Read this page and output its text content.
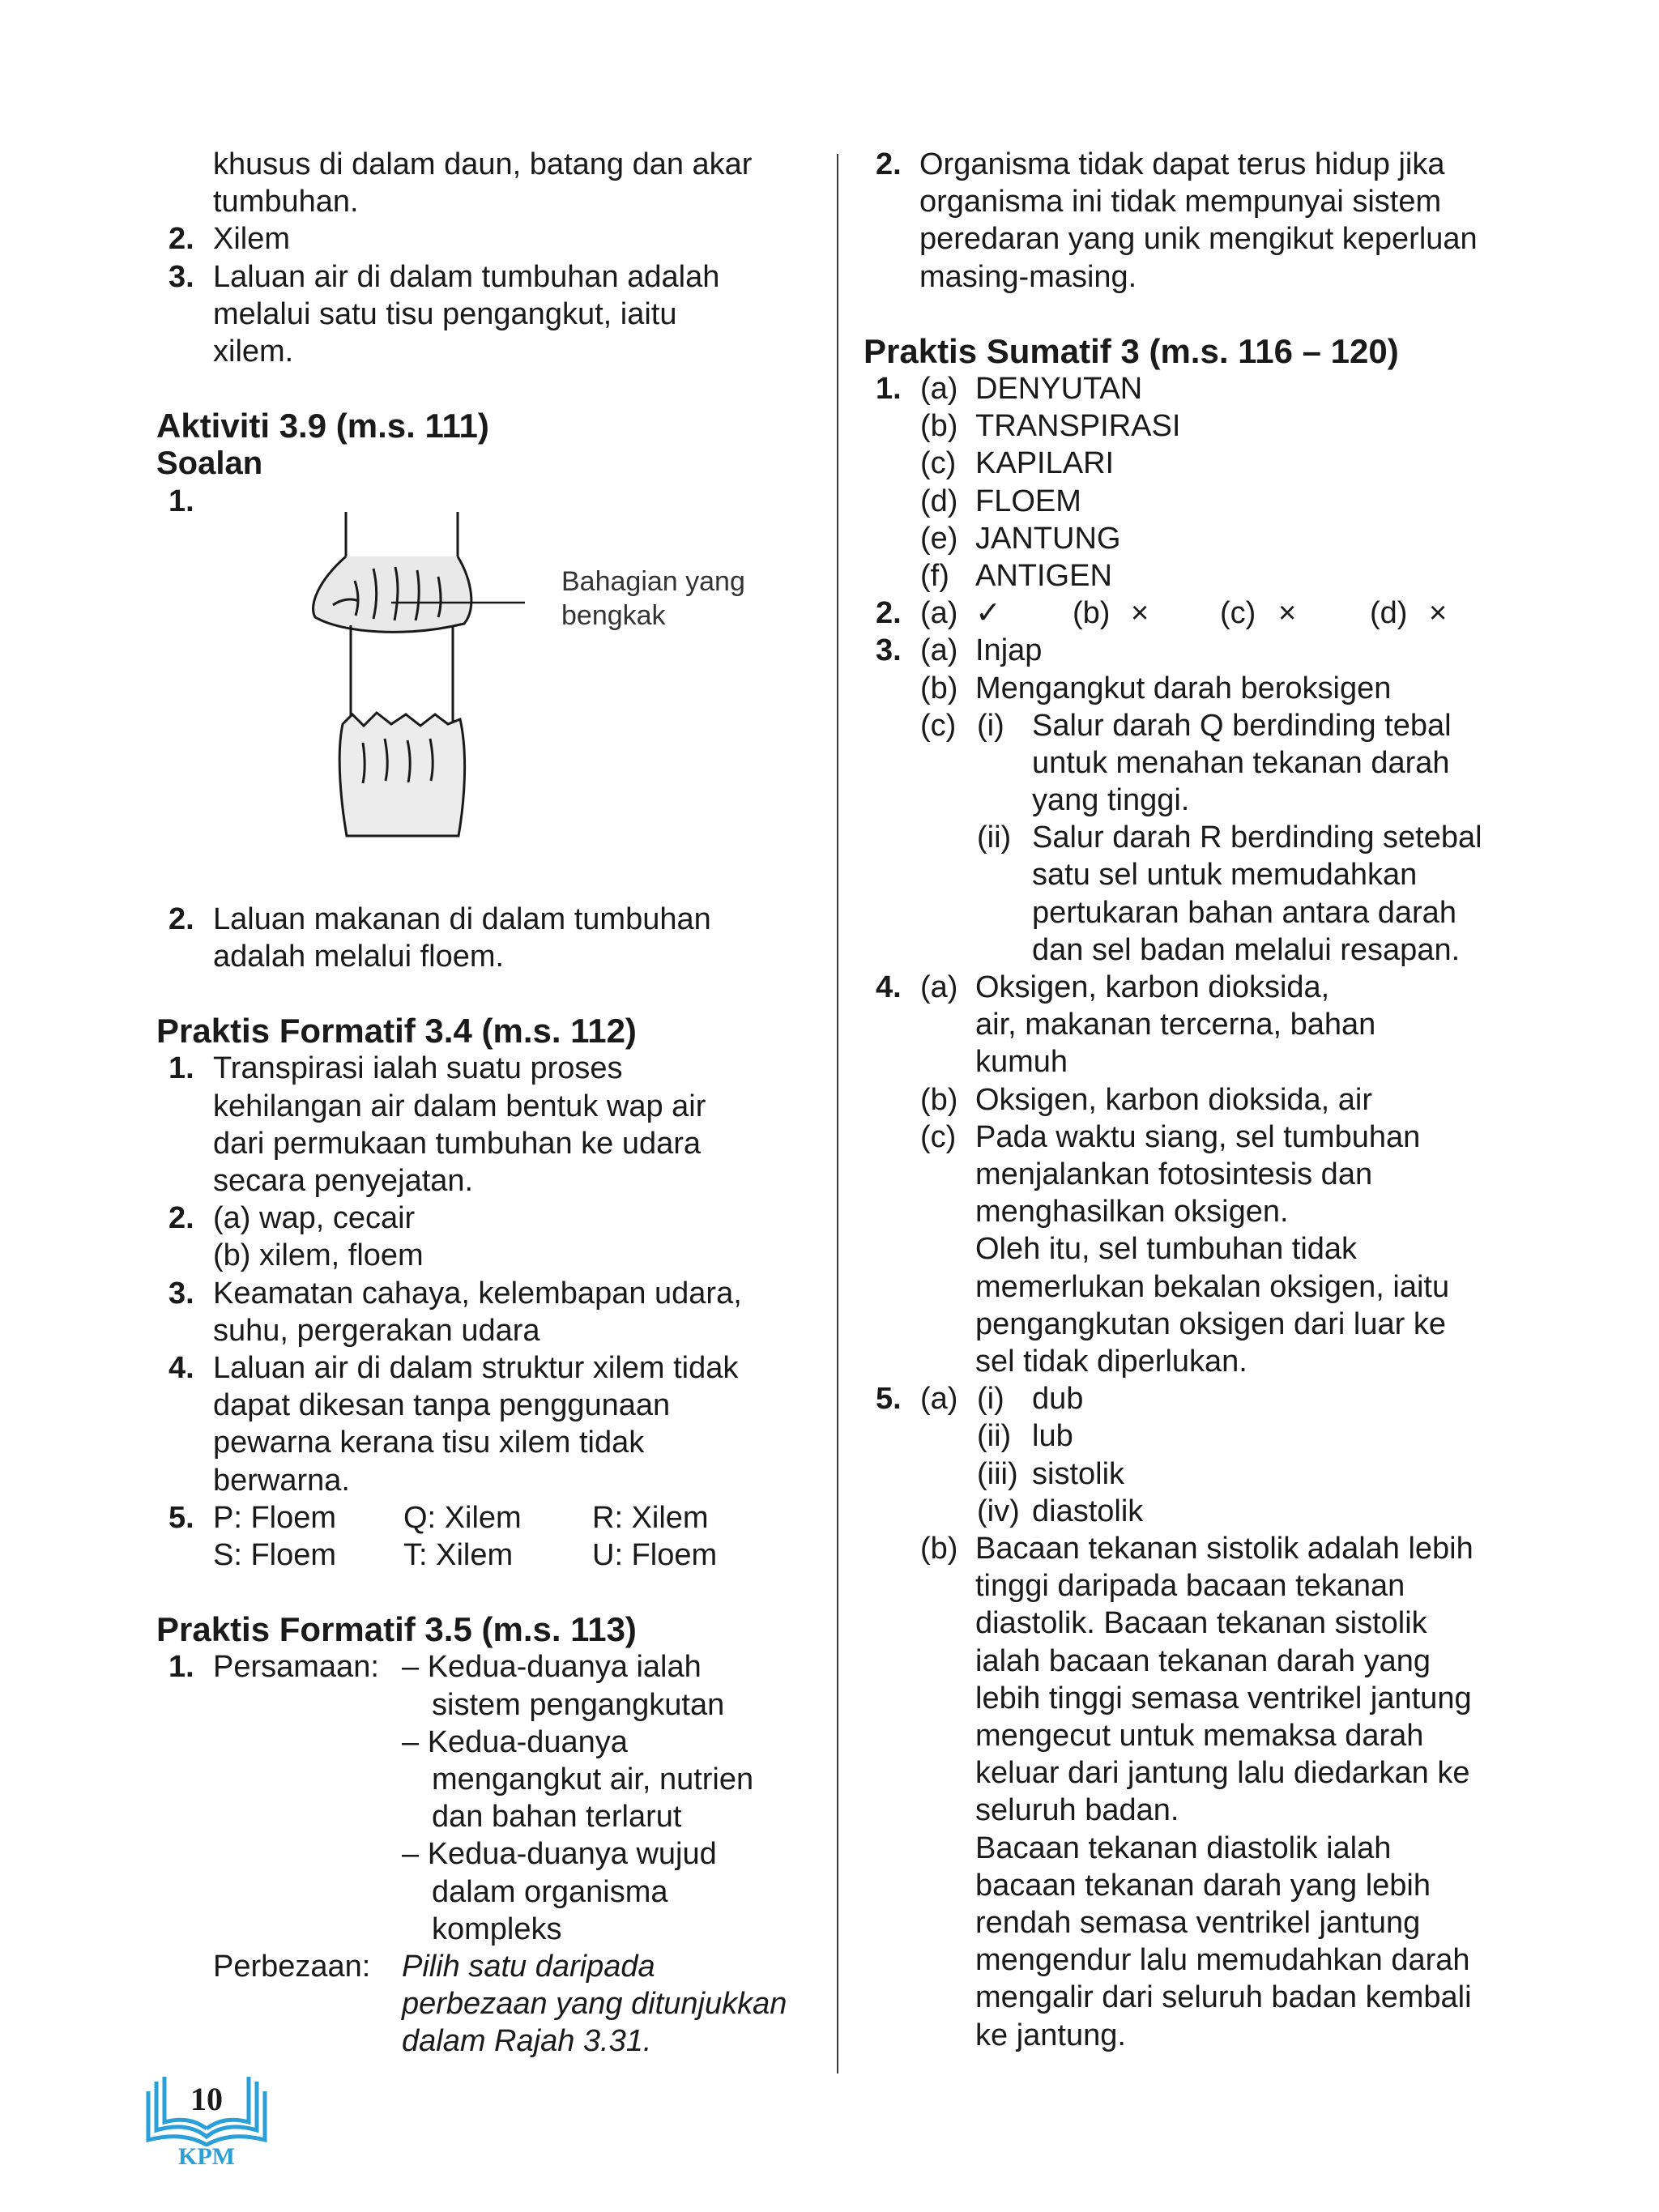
khusus di dalam daun, batang dan akar
tumbuhan.
2. Xilem
3. Laluan air di dalam tumbuhan adalah
melalui satu tisu pengangkut, iaitu
xilem.
Aktiviti 3.9 (m.s. 111)
Soalan
1.
Bahagian yang
bengkak
2. Laluan makanan di dalam tumbuhan
adalah melalui floem.
Praktis Formatif 3.4 (m.s. 112)
1. Transpirasi ialah suatu proses
kehilangan air dalam bentuk wap air
dari permukaan tumbuhan ke udara
secara penyejatan.
2. (a) wap, cecair
(b) xilem, floem
3. Keamatan cahaya, kelembapan udara,
suhu, pergerakan udara
4. Laluan air di dalam struktur xilem tidak
dapat dikesan tanpa penggunaan
pewarna kerana tisu xilem tidak
berwarna.
5. P: Floem Q: Xilem R: Xilem
S: Floem T: Xilem	U: Floem
Praktis Formatif 3.5 (m.s. 113)
1. Persamaan: – Kedua-duanya ialah
sistem pengangkutan
– Kedua-duanya
mengangkut air, nutrien
dan bahan terlarut
– Kedua-duanya wujud
dalam organisma
kompleks
Perbezaan: Pilih satu daripada
perbezaan yang ditunjukkan
dalam Rajah 3.31.
2. Organisma tidak dapat terus hidup jika
organisma ini tidak mempunyai sistem
peredaran yang unik mengikut keperluan
masing-masing.
Praktis Sumatif 3 (m.s. 116 – 120)
1. (a) DENYUTAN
(b) TRANSPIRASI
(c) KAPILARI
(d) FLOEM
(e) JANTUNG
(f) ANTIGEN
2. (a) ✓ (b) × (c) × (d) ×
3. (a) Injap
(b) Mengangkut darah beroksigen
(c) (i) Salur darah Q berdinding tebal
untuk menahan tekanan darah
yang tinggi.
(ii) Salur darah R berdinding setebal
satu sel untuk memudahkan
pertukaran bahan antara darah
dan sel badan melalui resapan.
4. (a) Oksigen, karbon dioksida,
air, makanan tercerna, bahan
kumuh
(b) Oksigen, karbon dioksida, air
(c) Pada waktu siang, sel tumbuhan
menjalankan fotosintesis dan
menghasilkan oksigen.
Oleh itu, sel tumbuhan tidak
memerlukan bekalan oksigen, iaitu
pengangkutan oksigen dari luar ke
sel tidak diperlukan.
5. (a) (i) dub
(ii) lub
(iii) sistolik
(iv) diastolik
(b) Bacaan tekanan sistolik adalah lebih
tinggi daripada bacaan tekanan
diastolik. Bacaan tekanan sistolik
ialah bacaan tekanan darah yang
lebih tinggi semasa ventrikel jantung
mengecut untuk memaksa darah
keluar dari jantung lalu diedarkan ke
seluruh badan.
Bacaan tekanan diastolik ialah
bacaan tekanan darah yang lebih
rendah semasa ventrikel jantung
mengendur lalu memudahkan darah
mengalir dari seluruh badan kembali
ke jantung.
10
KPM
